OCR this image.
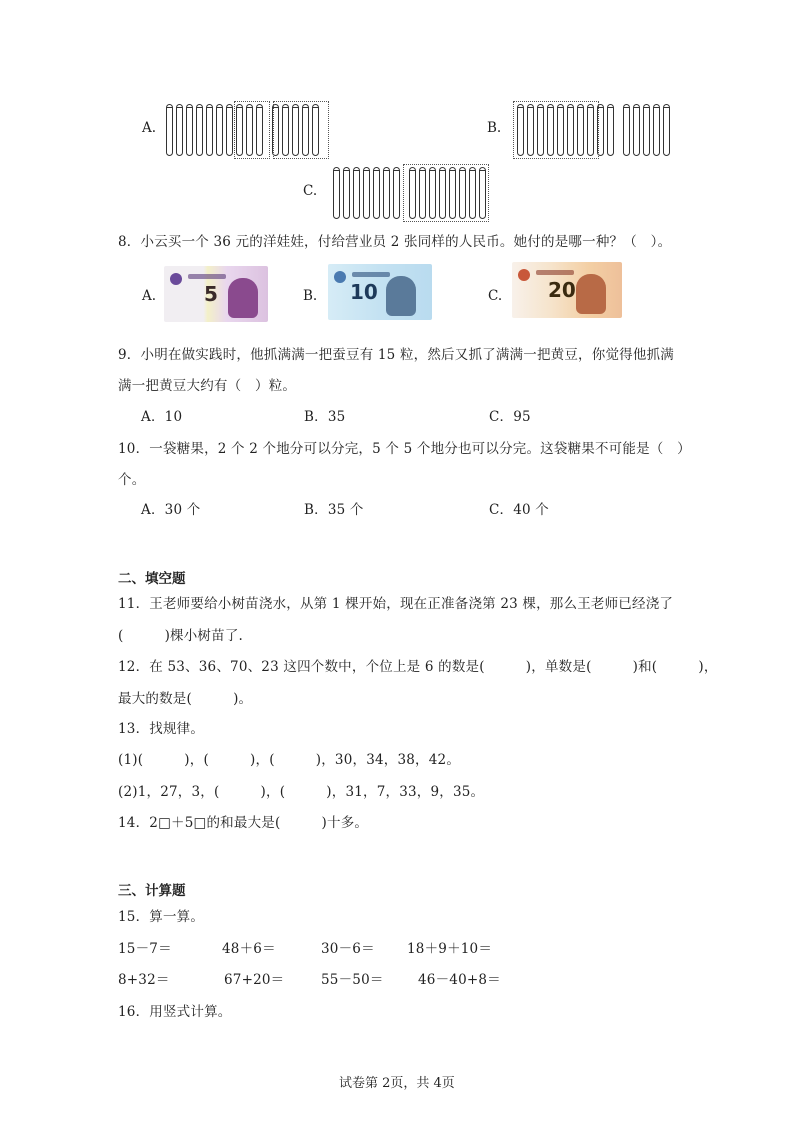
A.	B.
C.
8．小云买一个 36 元的洋娃娃，付给营业员 2 张同样的人民币。她付的是哪一种？（　）。
A. 5	B. 10	C. 20
9．小明在做实践时，他抓满满一把蚕豆有 15 粒，然后又抓了满满一把黄豆，你觉得他抓满
满一把黄豆大约有（　）粒。
A．10	B．35	C．95
10．一袋糖果，2 个 2 个地分可以分完，5 个 5 个地分也可以分完。这袋糖果不可能是（　）
个。
A．30 个	B．35 个	C．40 个
二、填空题
11．王老师要给小树苗浇水，从第 1 棵开始，现在正准备浇第 23 棵，那么王老师已经浇了
(　　　)棵小树苗了.
12．在 53、36、70、23 这四个数中，个位上是 6 的数是(　　　)，单数是(　　　)和(　　　)，
最大的数是(　　　)。
13．找规律。
(1)(　　　)，(　　　)，(　　　)，30，34，38，42。
(2)1，27，3，(　　　)，(　　　)，31，7，33，9，35。
14．2□＋5□的和最大是(　　　)十多。
三、计算题
15．算一算。
15－7＝	48＋6＝	30－6＝ 18＋9＋10＝
8+32＝	67+20＝	55－50＝	46－40+8＝
16．用竖式计算。
试卷第 2页，共 4页
